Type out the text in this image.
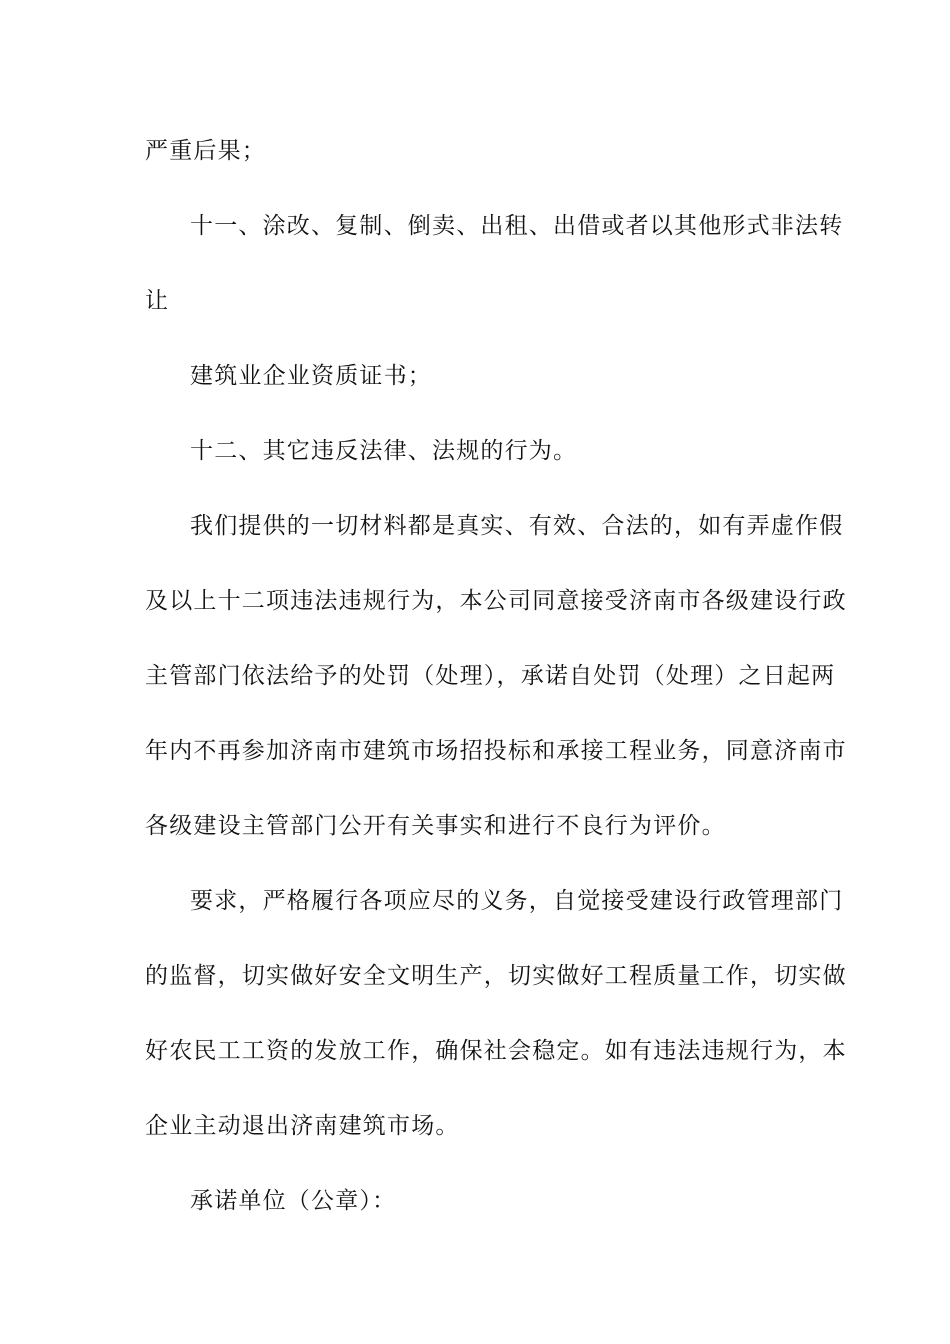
严重后果；
十一、涂改、复制、倒卖、出租、出借或者以其他形式非法转
让
建筑业企业资质证书；
十二、其它违反法律、法规的行为。
我们提供的一切材料都是真实、有效、合法的，如有弄虚作假
及以上十二项违法违规行为，本公司同意接受济南市各级建设行政
主管部门依法给予的处罚（处理），承诺自处罚（处理）之日起两
年内不再参加济南市建筑市场招投标和承接工程业务，同意济南市
各级建设主管部门公开有关事实和进行不良行为评价。
要求，严格履行各项应尽的义务，自觉接受建设行政管理部门
的监督，切实做好安全文明生产，切实做好工程质量工作，切实做
好农民工工资的发放工作，确保社会稳定。如有违法违规行为，本
企业主动退出济南建筑市场。
承诺单位（公章）：
